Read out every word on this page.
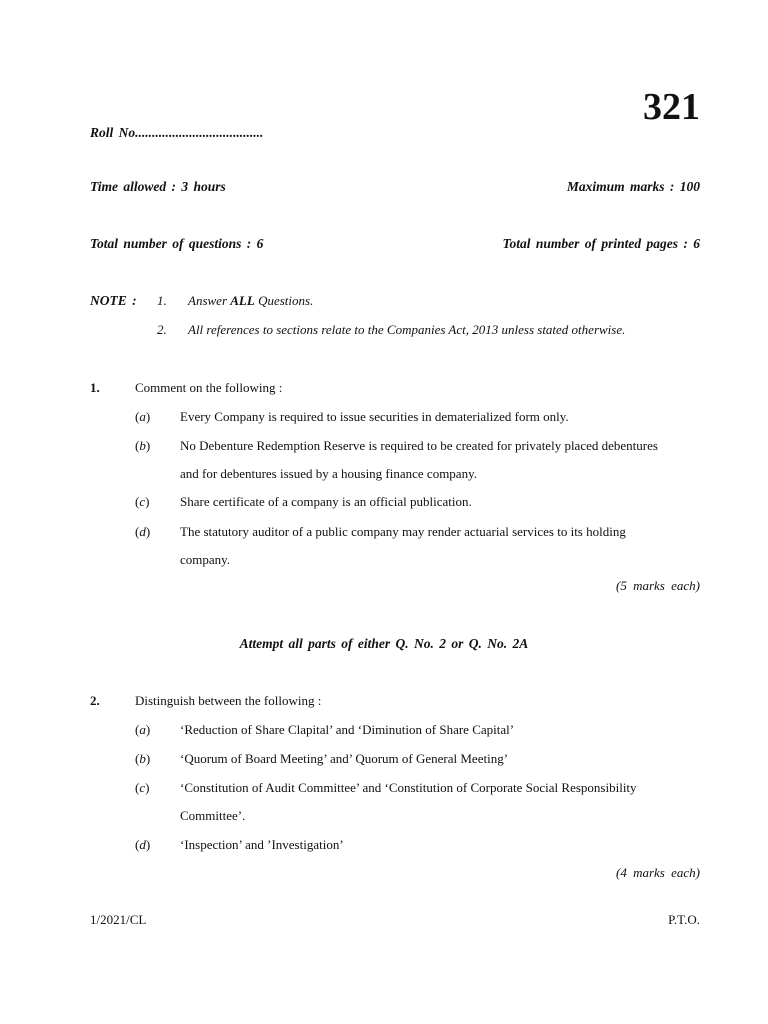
321
Roll No......................................
Time allowed : 3 hours	Maximum marks : 100
Total number of questions : 6	Total number of printed pages : 6
NOTE : 1. Answer ALL Questions.
2. All references to sections relate to the Companies Act, 2013 unless stated otherwise.
1.	Comment on the following :
(a) Every Company is required to issue securities in dematerialized form only.
(b) No Debenture Redemption Reserve is required to be created for privately placed debentures
and for debentures issued by a housing finance company.
(c) Share certificate of a company is an official publication.
(d) The statutory auditor of a public company may render actuarial services to its holding
company.
(5 marks each)
Attempt all parts of either Q. No. 2 or Q. No. 2A
2.	Distinguish between the following :
(a) ‘Reduction of Share Clapital’ and ‘Diminution of Share Capital’
(b) ‘Quorum of Board Meeting’ and’ Quorum of General Meeting’
(c) ‘Constitution of Audit Committee’ and ‘Constitution of Corporate Social Responsibility
Committee’.
(d) ‘Inspection’ and ’Investigation’
(4 marks each)
1/2021/CL	P.T.O.
